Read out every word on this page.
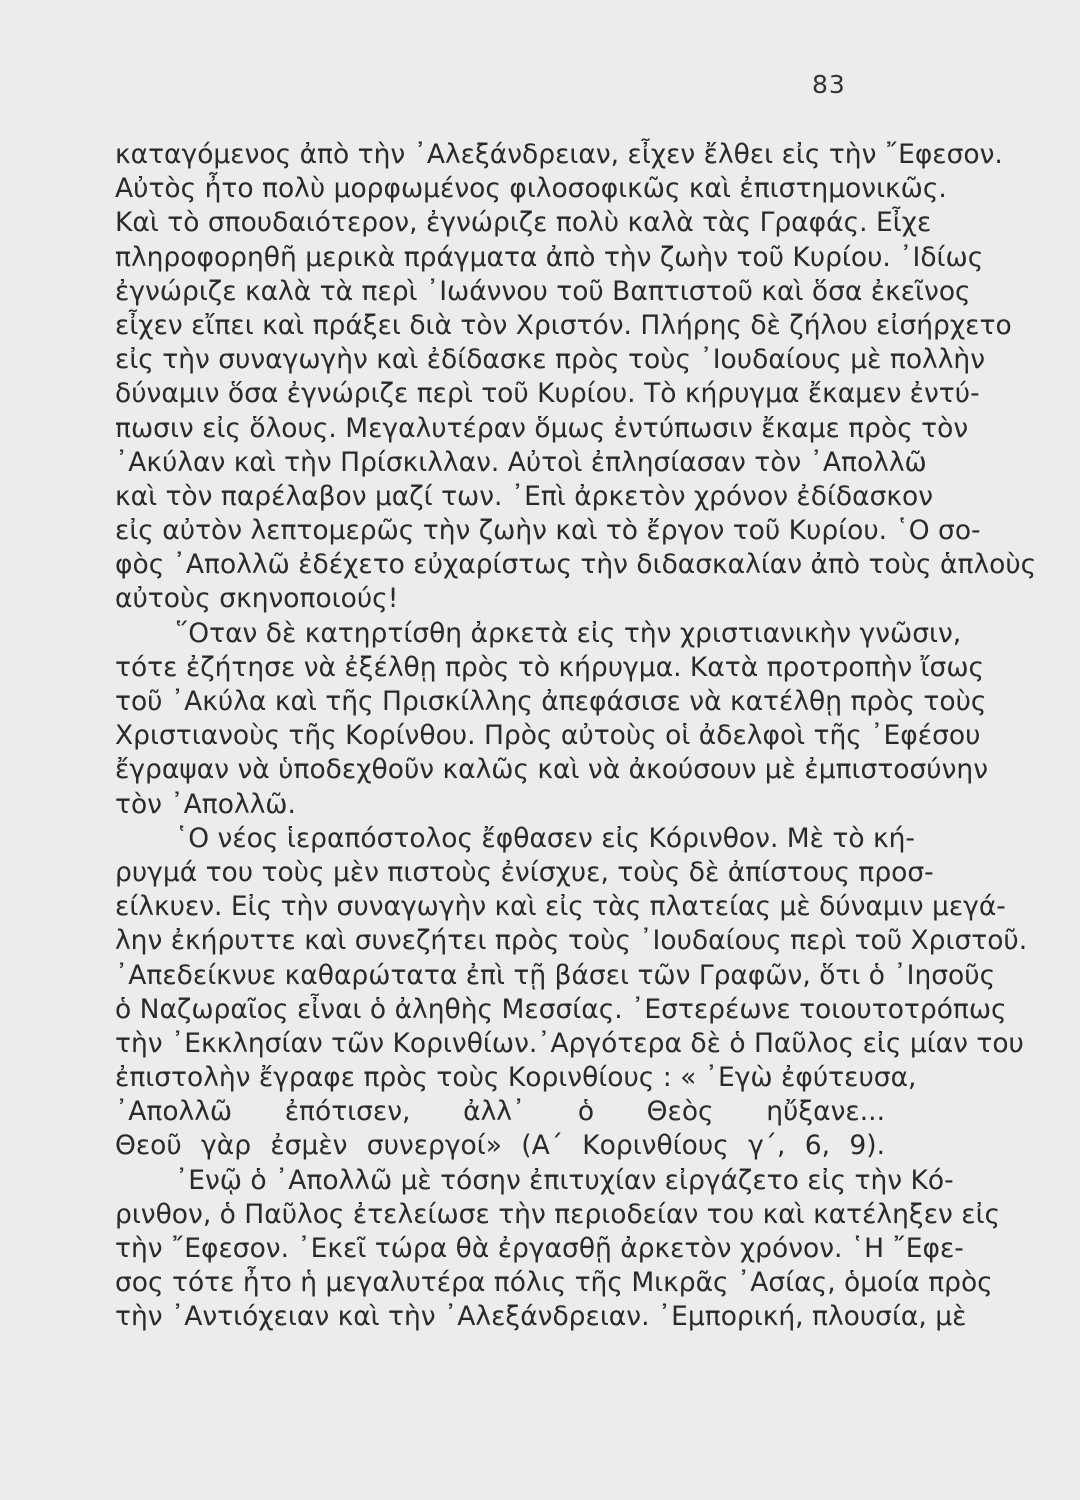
83
καταγόμενος ἀπὸ τὴν ᾿Αλεξάνδρειαν, εἶχεν ἔλθει εἰς τὴν ῎Εφεσον.
Αὐτὸς ἦτο πολὺ μορφωμένος φιλοσοφικῶς καὶ ἐπιστημονικῶς.
Καὶ τὸ σπουδαιότερον, ἐγνώριζε πολὺ καλὰ τὰς Γραφάς. Εἶχε
πληροφορηθῆ μερικὰ πράγματα ἀπὸ τὴν ζωὴν τοῦ Κυρίου. ᾿Ιδίως
ἐγνώριζε καλὰ τὰ περὶ ᾿Ιωάννου τοῦ Βαπτιστοῦ καὶ ὅσα ἐκεῖνος
εἶχεν εἴπει καὶ πράξει διὰ τὸν Χριστόν. Πλήρης δὲ ζήλου εἰσήρχετο
εἰς τὴν συναγωγὴν καὶ ἐδίδασκε πρὸς τοὺς ᾿Ιουδαίους μὲ πολλὴν
δύναμιν ὅσα ἐγνώριζε περὶ τοῦ Κυρίου. Τὸ κήρυγμα ἔκαμεν ἐντύ-
πωσιν εἰς ὅλους. Μεγαλυτέραν ὅμως ἐντύπωσιν ἔκαμε πρὸς τὸν
᾿Ακύλαν καὶ τὴν Πρίσκιλλαν. Αὐτοὶ ἐπλησίασαν τὸν ᾿Απολλῶ
καὶ τὸν παρέλαβον μαζί των. ᾿Επὶ ἀρκετὸν χρόνον ἐδίδασκον
εἰς αὐτὸν λεπτομερῶς τὴν ζωὴν καὶ τὸ ἔργον τοῦ Κυρίου. ῾Ο σο-
φὸς ᾿Απολλῶ ἐδέχετο εὐχαρίστως τὴν διδασκαλίαν ἀπὸ τοὺς ἁπλοὺς
αὐτοὺς σκηνοποιούς!
῞Οταν δὲ κατηρτίσθη ἀρκετὰ εἰς τὴν χριστιανικὴν γνῶσιν,
τότε ἐζήτησε νὰ ἐξέλθῃ πρὸς τὸ κήρυγμα. Κατὰ προτροπὴν ἴσως
τοῦ ᾿Ακύλα καὶ τῆς Πρισκίλλης ἀπεφάσισε νὰ κατέλθῃ πρὸς τοὺς
Χριστιανοὺς τῆς Κορίνθου. Πρὸς αὐτοὺς οἱ ἀδελφοὶ τῆς ᾿Εφέσου
ἔγραψαν νὰ ὑποδεχθοῦν καλῶς καὶ νὰ ἀκούσουν μὲ ἐμπιστοσύνην
τὸν ᾿Απολλῶ.
῾Ο νέος ἱεραπόστολος ἔφθασεν εἰς Κόρινθον. Μὲ τὸ κή-
ρυγμά του τοὺς μὲν πιστοὺς ἐνίσχυε, τοὺς δὲ ἀπίστους προσ-
είλκυεν. Εἰς τὴν συναγωγὴν καὶ εἰς τὰς πλατείας μὲ δύναμιν μεγά-
λην ἐκήρυττε καὶ συνεζήτει πρὸς τοὺς ᾿Ιουδαίους περὶ τοῦ Χριστοῦ.
᾿Απεδείκνυε καθαρώτατα ἐπὶ τῇ βάσει τῶν Γραφῶν, ὅτι ὁ ᾿Ιησοῦς
ὁ Ναζωραῖος εἶναι ὁ ἀληθὴς Μεσσίας. ᾿Εστερέωνε τοιουτοτρόπως
τὴν ᾿Εκκλησίαν τῶν Κορινθίων.᾿Αργότερα δὲ ὁ Παῦλος εἰς μίαν του
ἐπιστολὴν ἔγραφε πρὸς τοὺς Κορινθίους : « ᾿Εγὼ ἐφύτευσα,
᾿Απολλῶ ἐπότισεν, ἀλλ᾿ ὁ Θεὸς ηὔξανε...
Θεοῦ γὰρ ἐσμὲν συνεργοί» (Α΄ Κορινθίους γ΄, 6, 9).
᾿Ενῷ ὁ ᾿Απολλῶ μὲ τόσην ἐπιτυχίαν εἰργάζετο εἰς τὴν Κό-
ρινθον, ὁ Παῦλος ἐτελείωσε τὴν περιοδείαν του καὶ κατέληξεν εἰς
τὴν ῎Εφεσον. ᾿Εκεῖ τώρα θὰ ἐργασθῇ ἀρκετὸν χρόνον. ῾Η ῎Εφε-
σος τότε ἦτο ἡ μεγαλυτέρα πόλις τῆς Μικρᾶς ᾿Ασίας, ὁμοία πρὸς
τὴν ᾿Αντιόχειαν καὶ τὴν ᾿Αλεξάνδρειαν. ᾿Εμπορική, πλουσία, μὲ
